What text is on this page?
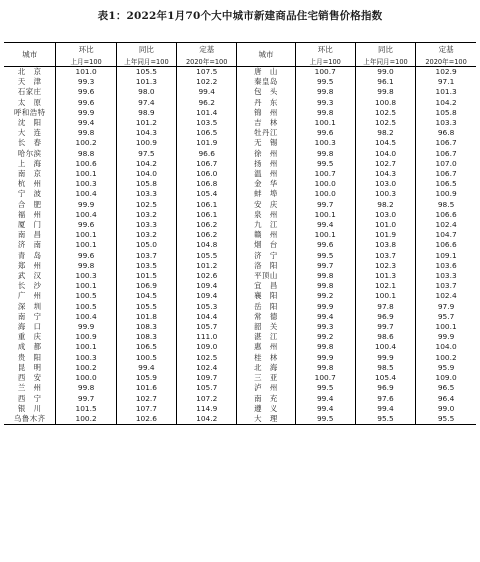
表1：2022年1月70个大中城市新建商品住宅销售价格指数
城市	环比	同比	定基	城市	环比	同比	定基
	上月=100	上年同月=100	2020年=100		上月=100	上年同月=100	2020年=100
北　京	101.0	105.5	107.5	唐　山	100.7	99.0	102.9
天　津	99.3	101.3	102.2	秦皇岛	99.5	96.1	97.1
石家庄	99.6	98.0	99.4	包　头	99.8	99.8	101.3
太　原	99.6	97.4	96.2	丹　东	99.3	100.8	104.2
呼和浩特	99.9	98.9	101.4	锦　州	99.8	102.5	105.8
沈　阳	99.4	101.2	103.5	吉　林	100.1	102.5	103.3
大　连	99.8	104.3	106.5	牡丹江	99.6	98.2	96.8
长　春	100.2	100.9	101.9	无　锡	100.3	104.5	106.7
哈尔滨	98.8	97.5	96.6	徐　州	99.8	104.0	106.7
上　海	100.6	104.2	106.7	扬　州	99.5	102.7	107.0
南　京	100.1	104.0	106.0	温　州	100.7	104.3	106.7
杭　州	100.3	105.8	106.8	金　华	100.0	103.0	106.5
宁　波	100.4	103.3	105.4	蚌　埠	100.0	100.3	100.9
合　肥	99.9	102.5	106.1	安　庆	99.7	98.2	98.5
福　州	100.4	103.2	106.1	泉　州	100.1	103.0	106.6
厦　门	99.6	103.3	106.2	九　江	99.4	101.0	102.4
南　昌	100.1	103.2	106.2	赣　州	100.1	101.9	104.7
济　南	100.1	105.0	104.8	烟　台	99.6	103.8	106.6
青　岛	99.6	103.7	105.5	济　宁	99.5	103.7	109.1
郑　州	99.8	103.5	101.2	洛　阳	99.7	102.3	103.6
武　汉	100.3	101.5	102.6	平顶山	99.8	101.3	103.3
长　沙	100.1	106.9	109.4	宜　昌	99.8	102.1	103.7
广　州	100.5	104.5	109.4	襄　阳	99.2	100.1	102.4
深　圳	100.5	105.5	105.3	岳　阳	99.9	97.8	97.9
南　宁	100.4	101.8	104.4	常　德	99.4	96.9	95.7
海　口	99.9	108.3	105.7	韶　关	99.3	99.7	100.1
重　庆	100.9	108.3	111.0	湛　江	99.2	98.6	99.9
成　都	100.1	106.5	109.0	惠　州	99.8	100.4	104.0
贵　阳	100.3	100.5	102.5	桂　林	99.9	99.9	100.2
昆　明	100.2	99.4	102.4	北　海	99.8	98.5	95.9
西　安	100.0	105.9	109.7	三　亚	100.7	105.4	109.0
兰　州	99.8	101.6	105.7	泸　州	99.5	96.9	96.5
西　宁	99.7	102.7	107.2	南　充	99.4	97.6	96.4
银　川	101.5	107.7	114.9	遵　义	99.4	99.4	99.0
乌鲁木齐	100.2	102.6	104.2	大　理	99.5	95.5	95.5
